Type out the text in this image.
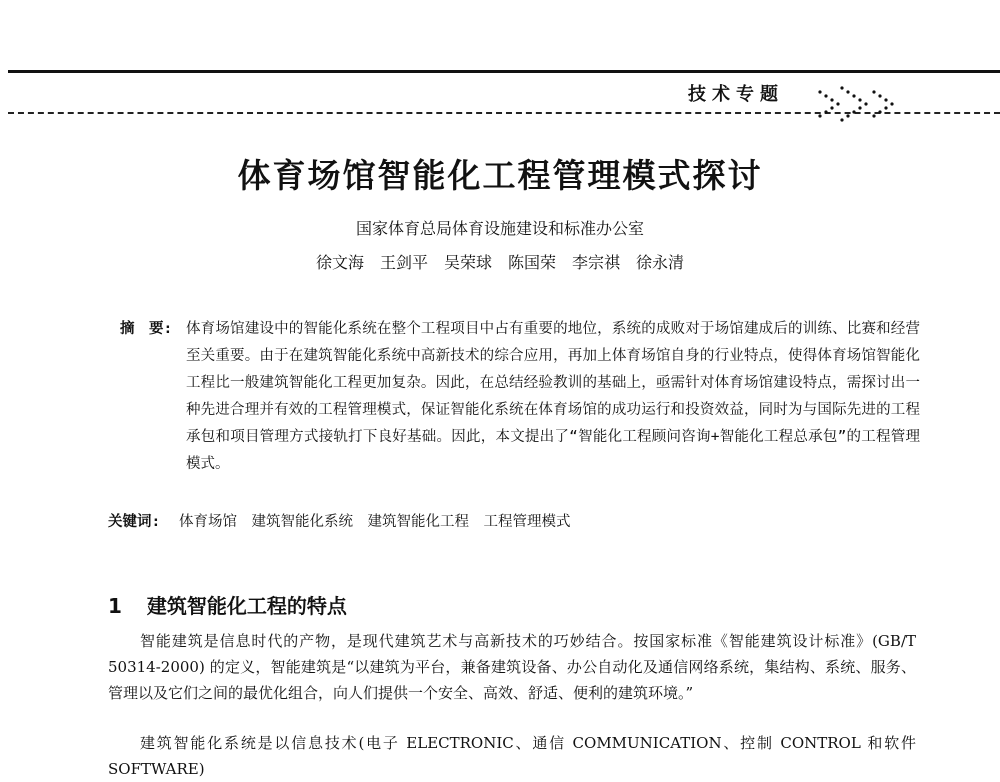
技术专题
体育场馆智能化工程管理模式探讨
国家体育总局体育设施建设和标准办公室
徐文海　王剑平　吴荣球　陈国荣　李宗祺　徐永清
摘　要: 体育场馆建设中的智能化系统在整个工程项目中占有重要的地位，系统的成败对于场馆建成后的训练、比赛和经营至关重要。由于在建筑智能化系统中高新技术的综合应用，再加上体育场馆自身的行业特点，使得体育场馆智能化工程比一般建筑智能化工程更加复杂。因此，在总结经验教训的基础上，亟需针对体育场馆建设特点，需探讨出一种先进合理并有效的工程管理模式，保证智能化系统在体育场馆的成功运行和投资效益，同时为与国际先进的工程承包和项目管理方式接轨打下良好基础。因此，本文提出了“智能化工程顾问咨询+智能化工程总承包”的工程管理模式。
关键词: 体育场馆　建筑智能化系统　建筑智能化工程　工程管理模式
1 建筑智能化工程的特点
智能建筑是信息时代的产物，是现代建筑艺术与高新技术的巧妙结合。按国家标准《智能建筑设计标准》(GB/T 50314-2000) 的定义，智能建筑是“以建筑为平台，兼备建筑设备、办公自动化及通信网络系统，集结构、系统、服务、管理以及它们之间的最优化组合，向人们提供一个安全、高效、舒适、便利的建筑环境。”
建筑智能化系统是以信息技术(电子 ELECTRONIC、通信 COMMUNICATION、控制 CONTROL 和软件 SOFTWARE)
